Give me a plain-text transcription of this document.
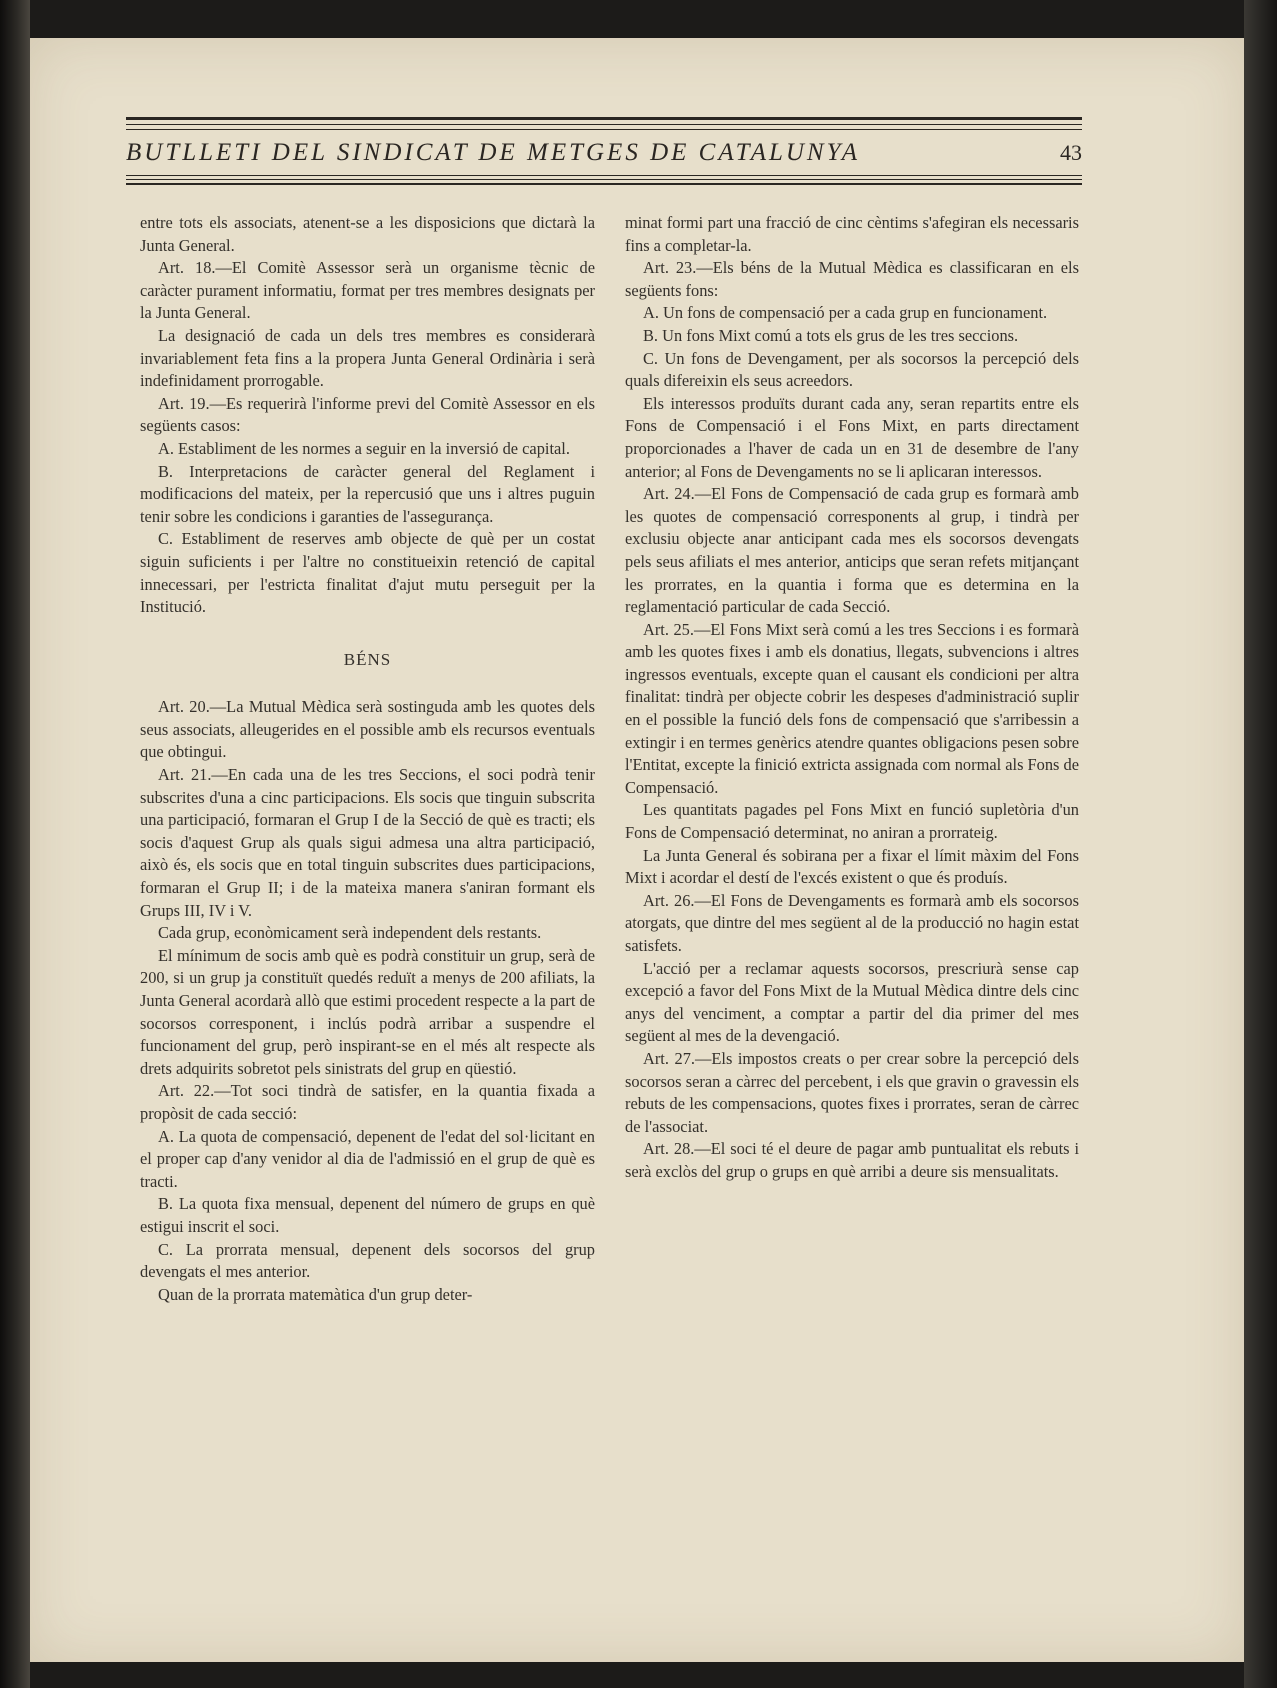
BUTLLETI DEL SINDICAT DE METGES DE CATALUNYA	43

entre tots els associats, atenent-se a les disposicions que dictarà la Junta General.

Art. 18.—El Comitè Assessor serà un organisme tècnic de caràcter purament informatiu, format per tres membres designats per la Junta General.

La designació de cada un dels tres membres es considerarà invariablement feta fins a la propera Junta General Ordinària i serà indefinidament prorrogable.

Art. 19.—Es requerirà l'informe previ del Comitè Assessor en els següents casos:

A. Establiment de les normes a seguir en la inversió de capital.

B. Interpretacions de caràcter general del Reglament i modificacions del mateix, per la repercusió que uns i altres puguin tenir sobre les condicions i garanties de l'assegurança.

C. Establiment de reserves amb objecte de què per un costat siguin suficients i per l'altre no constitueixin retenció de capital innecessari, per l'estricta finalitat d'ajut mutu perseguit per la Institució.

BÉNS

Art. 20.—La Mutual Mèdica serà sostinguda amb les quotes dels seus associats, alleugerides en el possible amb els recursos eventuals que obtingui.

Art. 21.—En cada una de les tres Seccions, el soci podrà tenir subscrites d'una a cinc participacions. Els socis que tinguin subscrita una participació, formaran el Grup I de la Secció de què es tracti; els socis d'aquest Grup als quals sigui admesa una altra participació, això és, els socis que en total tinguin subscrites dues participacions, formaran el Grup II; i de la mateixa manera s'aniran formant els Grups III, IV i V.

Cada grup, econòmicament serà independent dels restants.

El mínimum de socis amb què es podrà constituir un grup, serà de 200, si un grup ja constituït quedés reduït a menys de 200 afiliats, la Junta General acordarà allò que estimi procedent respecte a la part de socorsos corresponent, i inclús podrà arribar a suspendre el funcionament del grup, però inspirant-se en el més alt respecte als drets adquirits sobretot pels sinistrats del grup en qüestió.

Art. 22.—Tot soci tindrà de satisfer, en la quantia fixada a propòsit de cada secció:

A. La quota de compensació, depenent de l'edat del sol·licitant en el proper cap d'any venidor al dia de l'admissió en el grup de què es tracti.

B. La quota fixa mensual, depenent del número de grups en què estigui inscrit el soci.

C. La prorrata mensual, depenent dels socorsos del grup devengats el mes anterior.

Quan de la prorrata matemàtica d'un grup deter-

minat formi part una fracció de cinc cèntims s'afegiran els necessaris fins a completar-la.

Art. 23.—Els béns de la Mutual Mèdica es classificaran en els següents fons:

A. Un fons de compensació per a cada grup en funcionament.

B. Un fons Mixt comú a tots els grus de les tres seccions.

C. Un fons de Devengament, per als socorsos la percepció dels quals difereixin els seus acreedors.

Els interessos produïts durant cada any, seran repartits entre els Fons de Compensació i el Fons Mixt, en parts directament proporcionades a l'haver de cada un en 31 de desembre de l'any anterior; al Fons de Devengaments no se li aplicaran interessos.

Art. 24.—El Fons de Compensació de cada grup es formarà amb les quotes de compensació corresponents al grup, i tindrà per exclusiu objecte anar anticipant cada mes els socorsos devengats pels seus afiliats el mes anterior, anticips que seran refets mitjançant les prorrates, en la quantia i forma que es determina en la reglamentació particular de cada Secció.

Art. 25.—El Fons Mixt serà comú a les tres Seccions i es formarà amb les quotes fixes i amb els donatius, llegats, subvencions i altres ingressos eventuals, excepte quan el causant els condicioni per altra finalitat: tindrà per objecte cobrir les despeses d'administració suplir en el possible la funció dels fons de compensació que s'arribessin a extingir i en termes genèrics atendre quantes obligacions pesen sobre l'Entitat, excepte la finició extricta assignada com normal als Fons de Compensació.

Les quantitats pagades pel Fons Mixt en funció supletòria d'un Fons de Compensació determinat, no aniran a prorrateig.

La Junta General és sobirana per a fixar el límit màxim del Fons Mixt i acordar el destí de l'excés existent o que és produís.

Art. 26.—El Fons de Devengaments es formarà amb els socorsos atorgats, que dintre del mes següent al de la producció no hagin estat satisfets.

L'acció per a reclamar aquests socorsos, prescriurà sense cap excepció a favor del Fons Mixt de la Mutual Mèdica dintre dels cinc anys del venciment, a comptar a partir del dia primer del mes següent al mes de la devengació.

Art. 27.—Els impostos creats o per crear sobre la percepció dels socorsos seran a càrrec del percebent, i els que gravin o gravessin els rebuts de les compensacions, quotes fixes i prorrates, seran de càrrec de l'associat.

Art. 28.—El soci té el deure de pagar amb puntualitat els rebuts i serà exclòs del grup o grups en què arribi a deure sis mensualitats.
